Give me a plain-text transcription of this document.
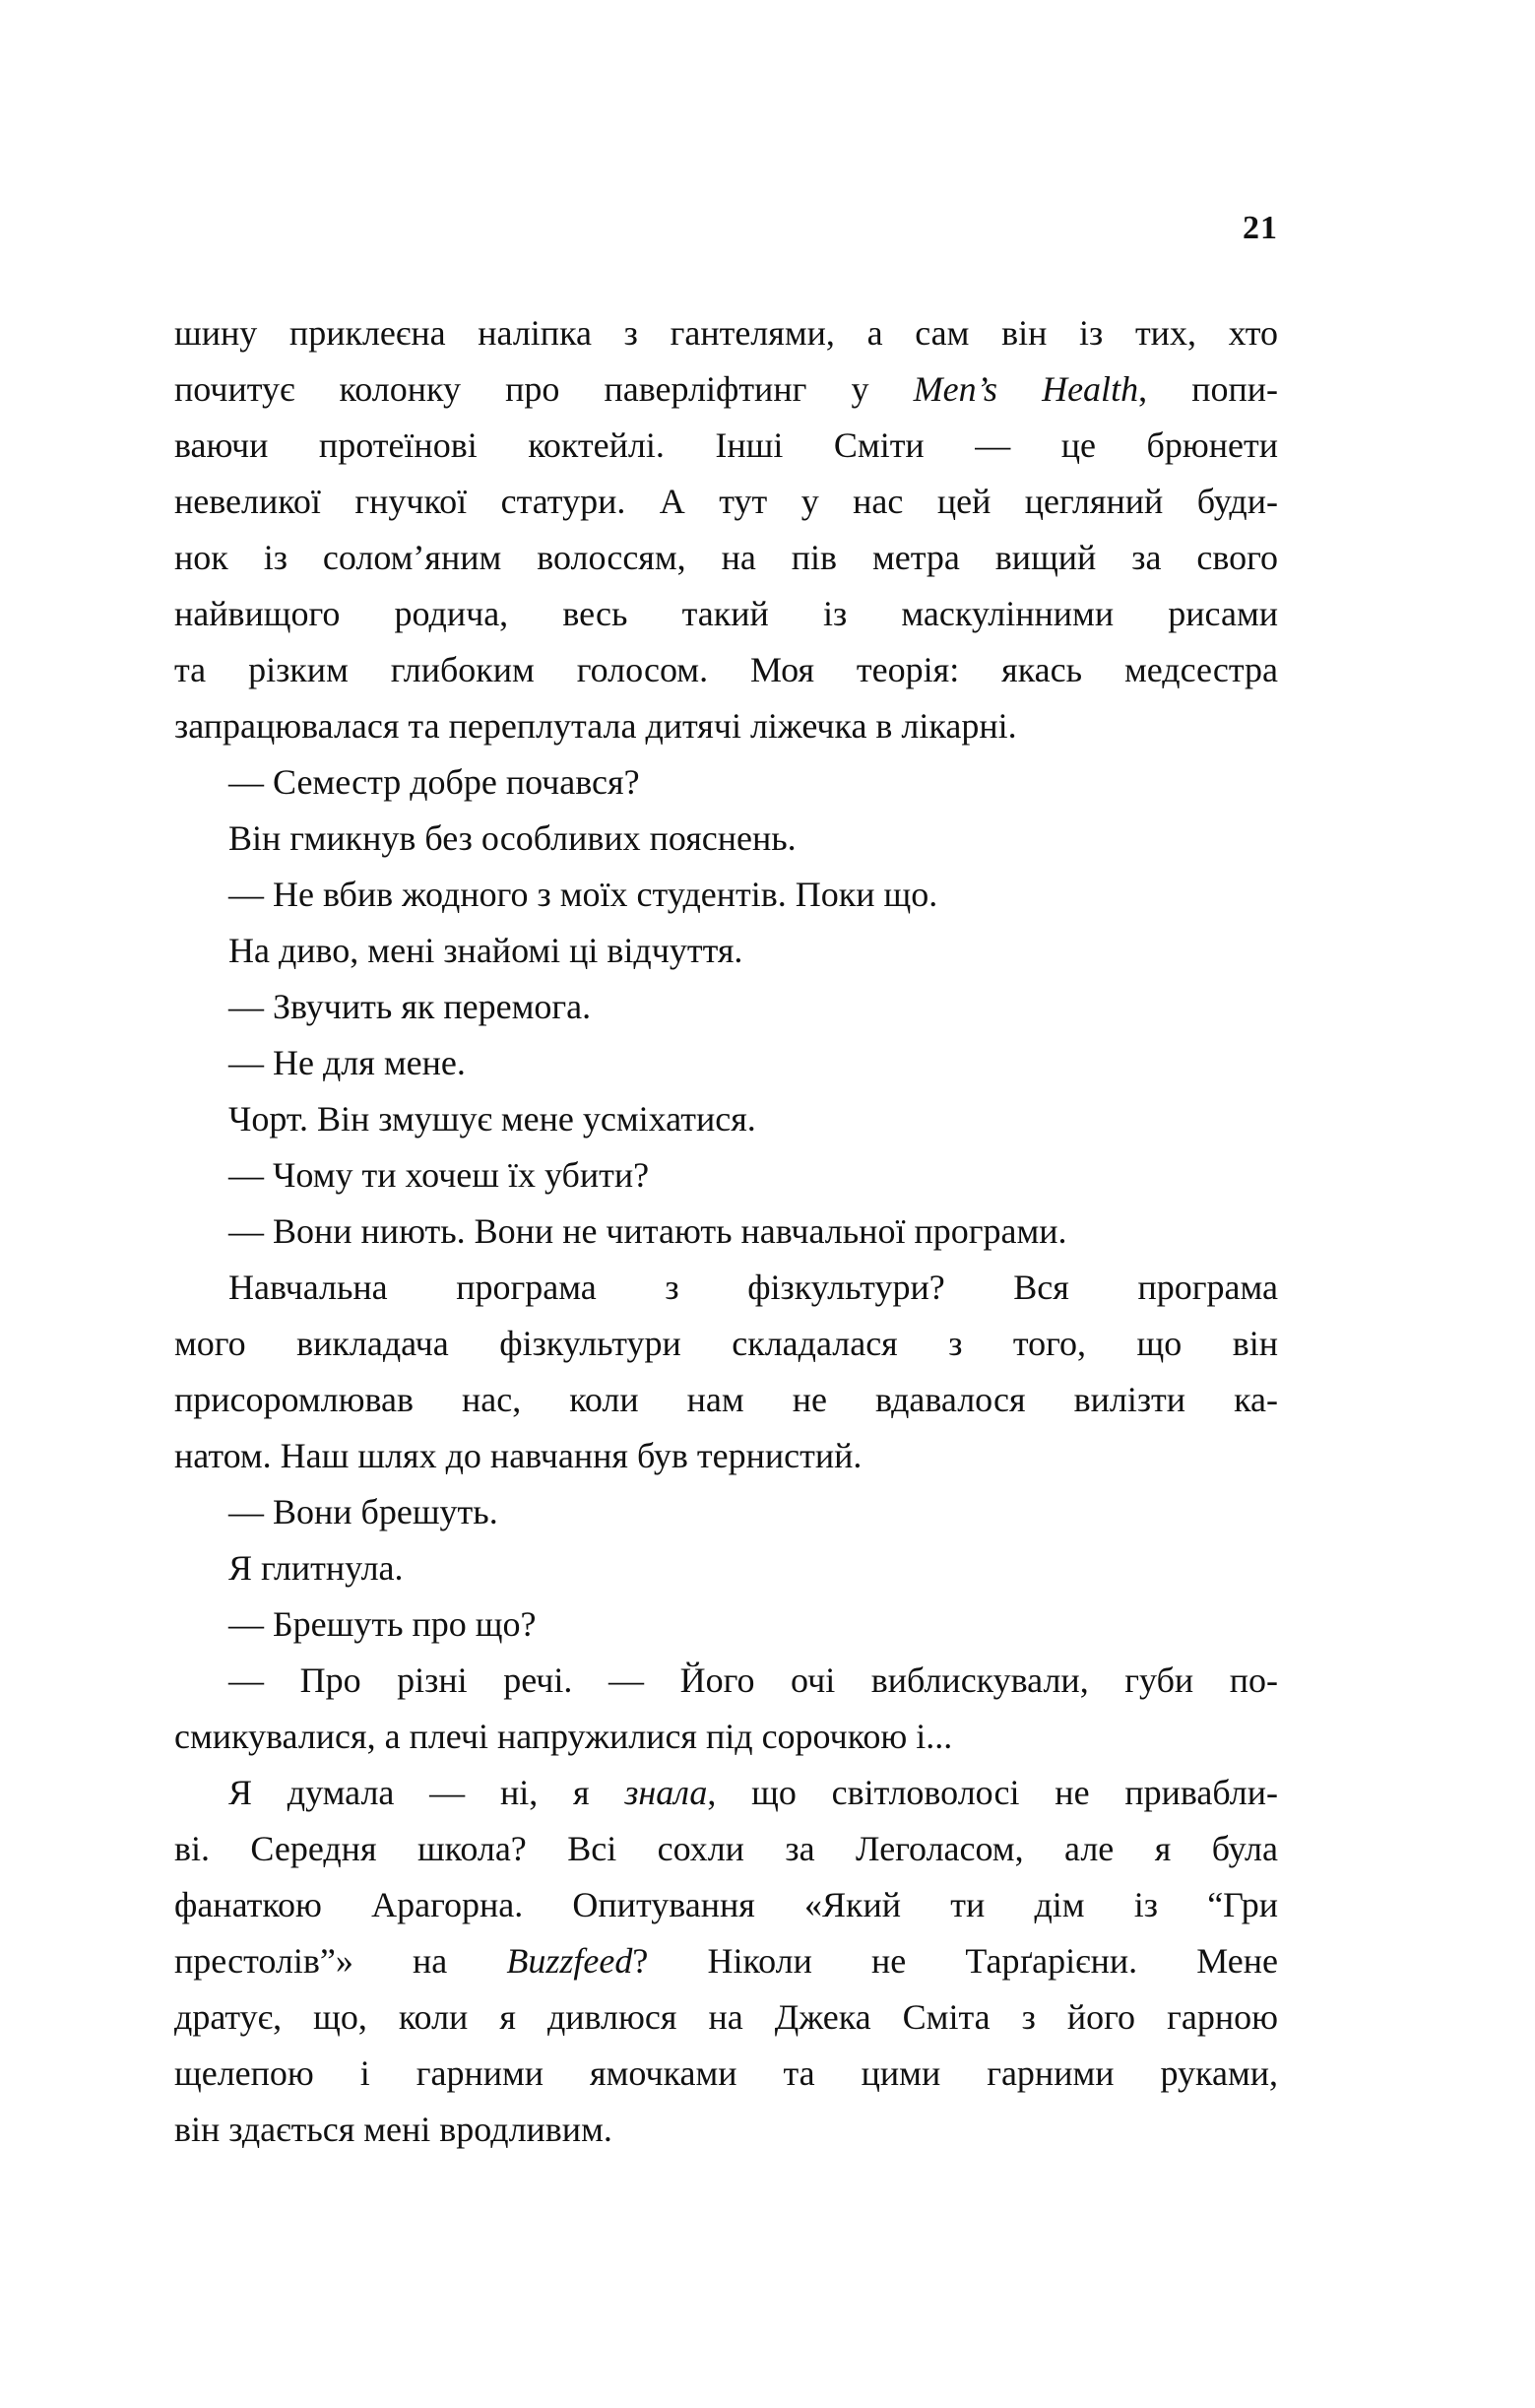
21
шину приклеєна наліпка з гантелями, а сам він із тих, хто
почитує колонку про паверліфтинг у Men’s Health, попи-
ваючи протеїнові коктейлі. Інші Сміти — це брюнети
невеликої гнучкої статури. А тут у нас цей цегляний буди-
нок із солом’яним волоссям, на пів метра вищий за свого
найвищого родича, весь такий із маскулінними рисами
та різким глибоким голосом. Моя теорія: якась медсестра
запрацювалася та переплутала дитячі ліжечка в лікарні.
— Семестр добре почався?
Він гмикнув без особливих пояснень.
— Не вбив жодного з моїх студентів. Поки що.
На диво, мені знайомі ці відчуття.
— Звучить як перемога.
— Не для мене.
Чорт. Він змушує мене усміхатися.
— Чому ти хочеш їх убити?
— Вони ниють. Вони не читають навчальної програми.
Навчальна програма з фізкультури? Вся програма
мого викладача фізкультури складалася з того, що він
присоромлював нас, коли нам не вдавалося вилізти ка-
натом. Наш шлях до навчання був тернистий.
— Вони брешуть.
Я глитнула.
— Брешуть про що?
— Про різні речі. — Його очі виблискували, губи по-
смикувалися, а плечі напружилися під сорочкою і...
Я думала — ні, я знала, що світловолосі не привабли-
ві. Середня школа? Всі сохли за Леголасом, але я була
фанаткою Арагорна. Опитування «Який ти дім із “Гри
престолів”» на Buzzfeed? Ніколи не Тарґарієни. Мене
дратує, що, коли я дивлюся на Джека Сміта з його гарною
щелепою і гарними ямочками та цими гарними руками,
він здається мені вродливим.
